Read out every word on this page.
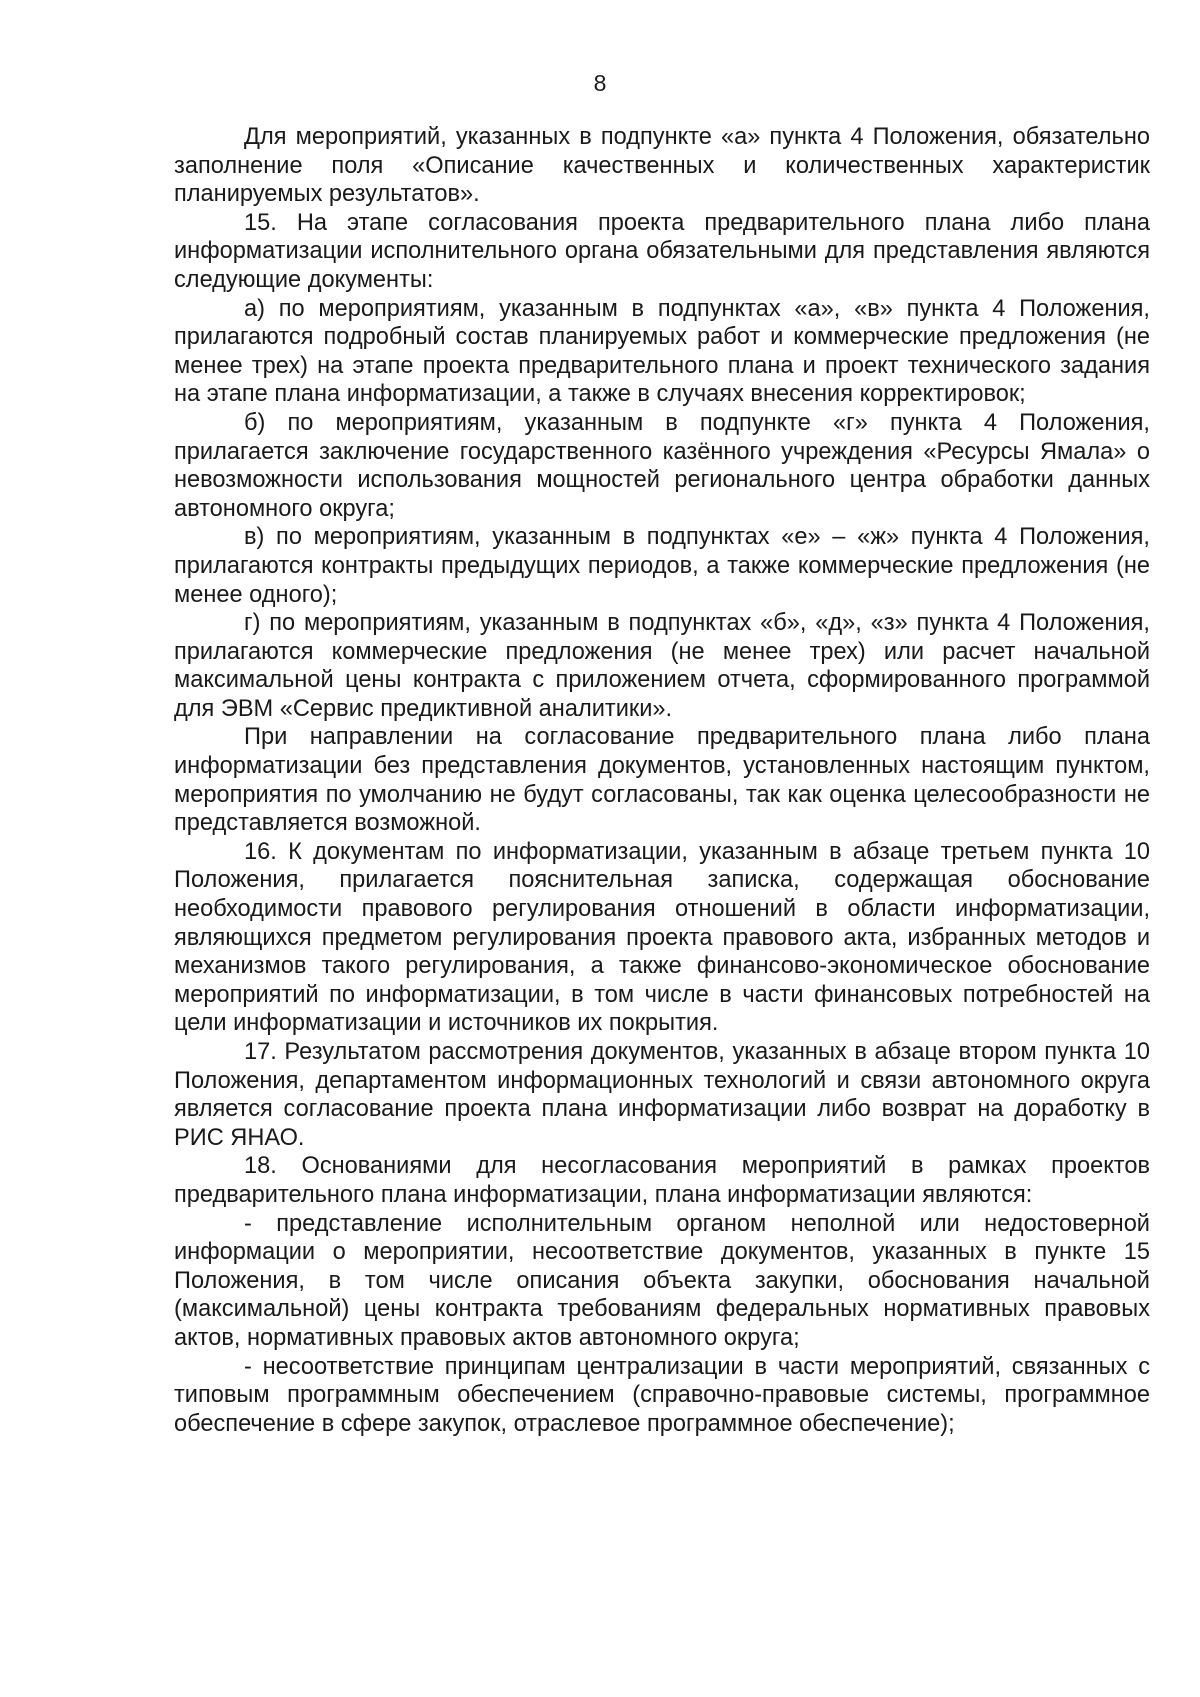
8

Для мероприятий, указанных в подпункте «а» пункта 4 Положения, обязательно заполнение поля «Описание качественных и количественных характеристик планируемых результатов».

15. На этапе согласования проекта предварительного плана либо плана информатизации исполнительного органа обязательными для представления являются следующие документы:

а) по мероприятиям, указанным в подпунктах «а», «в» пункта 4 Положения, прилагаются подробный состав планируемых работ и коммерческие предложения (не менее трех) на этапе проекта предварительного плана и проект технического задания на этапе плана информатизации, а также в случаях внесения корректировок;

б) по мероприятиям, указанным в подпункте «г» пункта 4 Положения, прилагается заключение государственного казённого учреждения «Ресурсы Ямала» о невозможности использования мощностей регионального центра обработки данных автономного округа;

в) по мероприятиям, указанным в подпунктах «е» – «ж» пункта 4 Положения, прилагаются контракты предыдущих периодов, а также коммерческие предложения (не менее одного);

г) по мероприятиям, указанным в подпунктах «б», «д», «з» пункта 4 Положения, прилагаются коммерческие предложения (не менее трех) или расчет начальной максимальной цены контракта с приложением отчета, сформированного программой для ЭВМ «Сервис предиктивной аналитики».

При направлении на согласование предварительного плана либо плана информатизации без представления документов, установленных настоящим пунктом, мероприятия по умолчанию не будут согласованы, так как оценка целесообразности не представляется возможной.

16. К документам по информатизации, указанным в абзаце третьем пункта 10 Положения, прилагается пояснительная записка, содержащая обоснование необходимости правового регулирования отношений в области информатизации, являющихся предметом регулирования проекта правового акта, избранных методов и механизмов такого регулирования, а также финансово-экономическое обоснование мероприятий по информатизации, в том числе в части финансовых потребностей на цели информатизации и источников их покрытия.

17. Результатом рассмотрения документов, указанных в абзаце втором пункта 10 Положения, департаментом информационных технологий и связи автономного округа является согласование проекта плана информатизации либо возврат на доработку в РИС ЯНАО.

18. Основаниями для несогласования мероприятий в рамках проектов предварительного плана информатизации, плана информатизации являются:

- представление исполнительным органом неполной или недостоверной информации о мероприятии, несоответствие документов, указанных в пункте 15 Положения, в том числе описания объекта закупки, обоснования начальной (максимальной) цены контракта требованиям федеральных нормативных правовых актов, нормативных правовых актов автономного округа;

- несоответствие принципам централизации в части мероприятий, связанных с типовым программным обеспечением (справочно-правовые системы, программное обеспечение в сфере закупок, отраслевое программное обеспечение);
